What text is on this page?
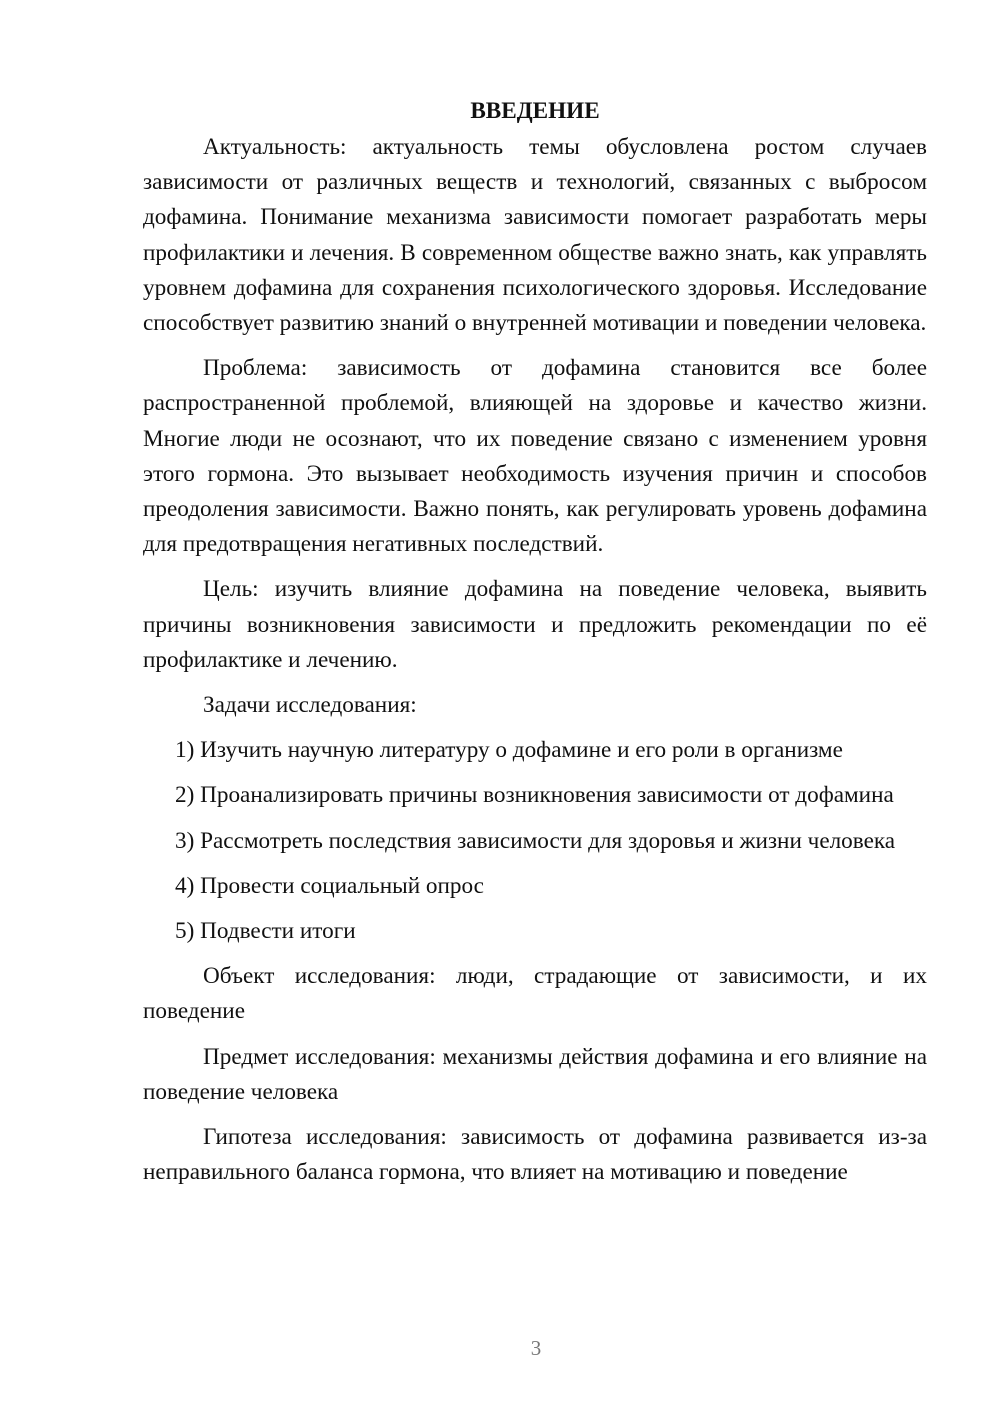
ВВЕДЕНИЕ

Актуальность: актуальность темы обусловлена ростом случаев зависимости от различных веществ и технологий, связанных с выбросом дофамина. Понимание механизма зависимости помогает разработать меры профилактики и лечения. В современном обществе важно знать, как управлять уровнем дофамина для сохранения психологического здоровья. Исследование способствует развитию знаний о внутренней мотивации и поведении человека.

Проблема: зависимость от дофамина становится все более распространенной проблемой, влияющей на здоровье и качество жизни. Многие люди не осознают, что их поведение связано с изменением уровня этого гормона. Это вызывает необходимость изучения причин и способов преодоления зависимости. Важно понять, как регулировать уровень дофамина для предотвращения негативных последствий.

Цель: изучить влияние дофамина на поведение человека, выявить причины возникновения зависимости и предложить рекомендации по её профилактике и лечению.

Задачи исследования:

1) Изучить научную литературу о дофамине и его роли в организме

2) Проанализировать причины возникновения зависимости от дофамина

3) Рассмотреть последствия зависимости для здоровья и жизни человека

4) Провести социальный опрос

5) Подвести итоги

Объект исследования: люди, страдающие от зависимости, и их поведение

Предмет исследования: механизмы действия дофамина и его влияние на поведение человека

Гипотеза исследования: зависимость от дофамина развивается из-за неправильного баланса гормона, что влияет на мотивацию и поведение

3
